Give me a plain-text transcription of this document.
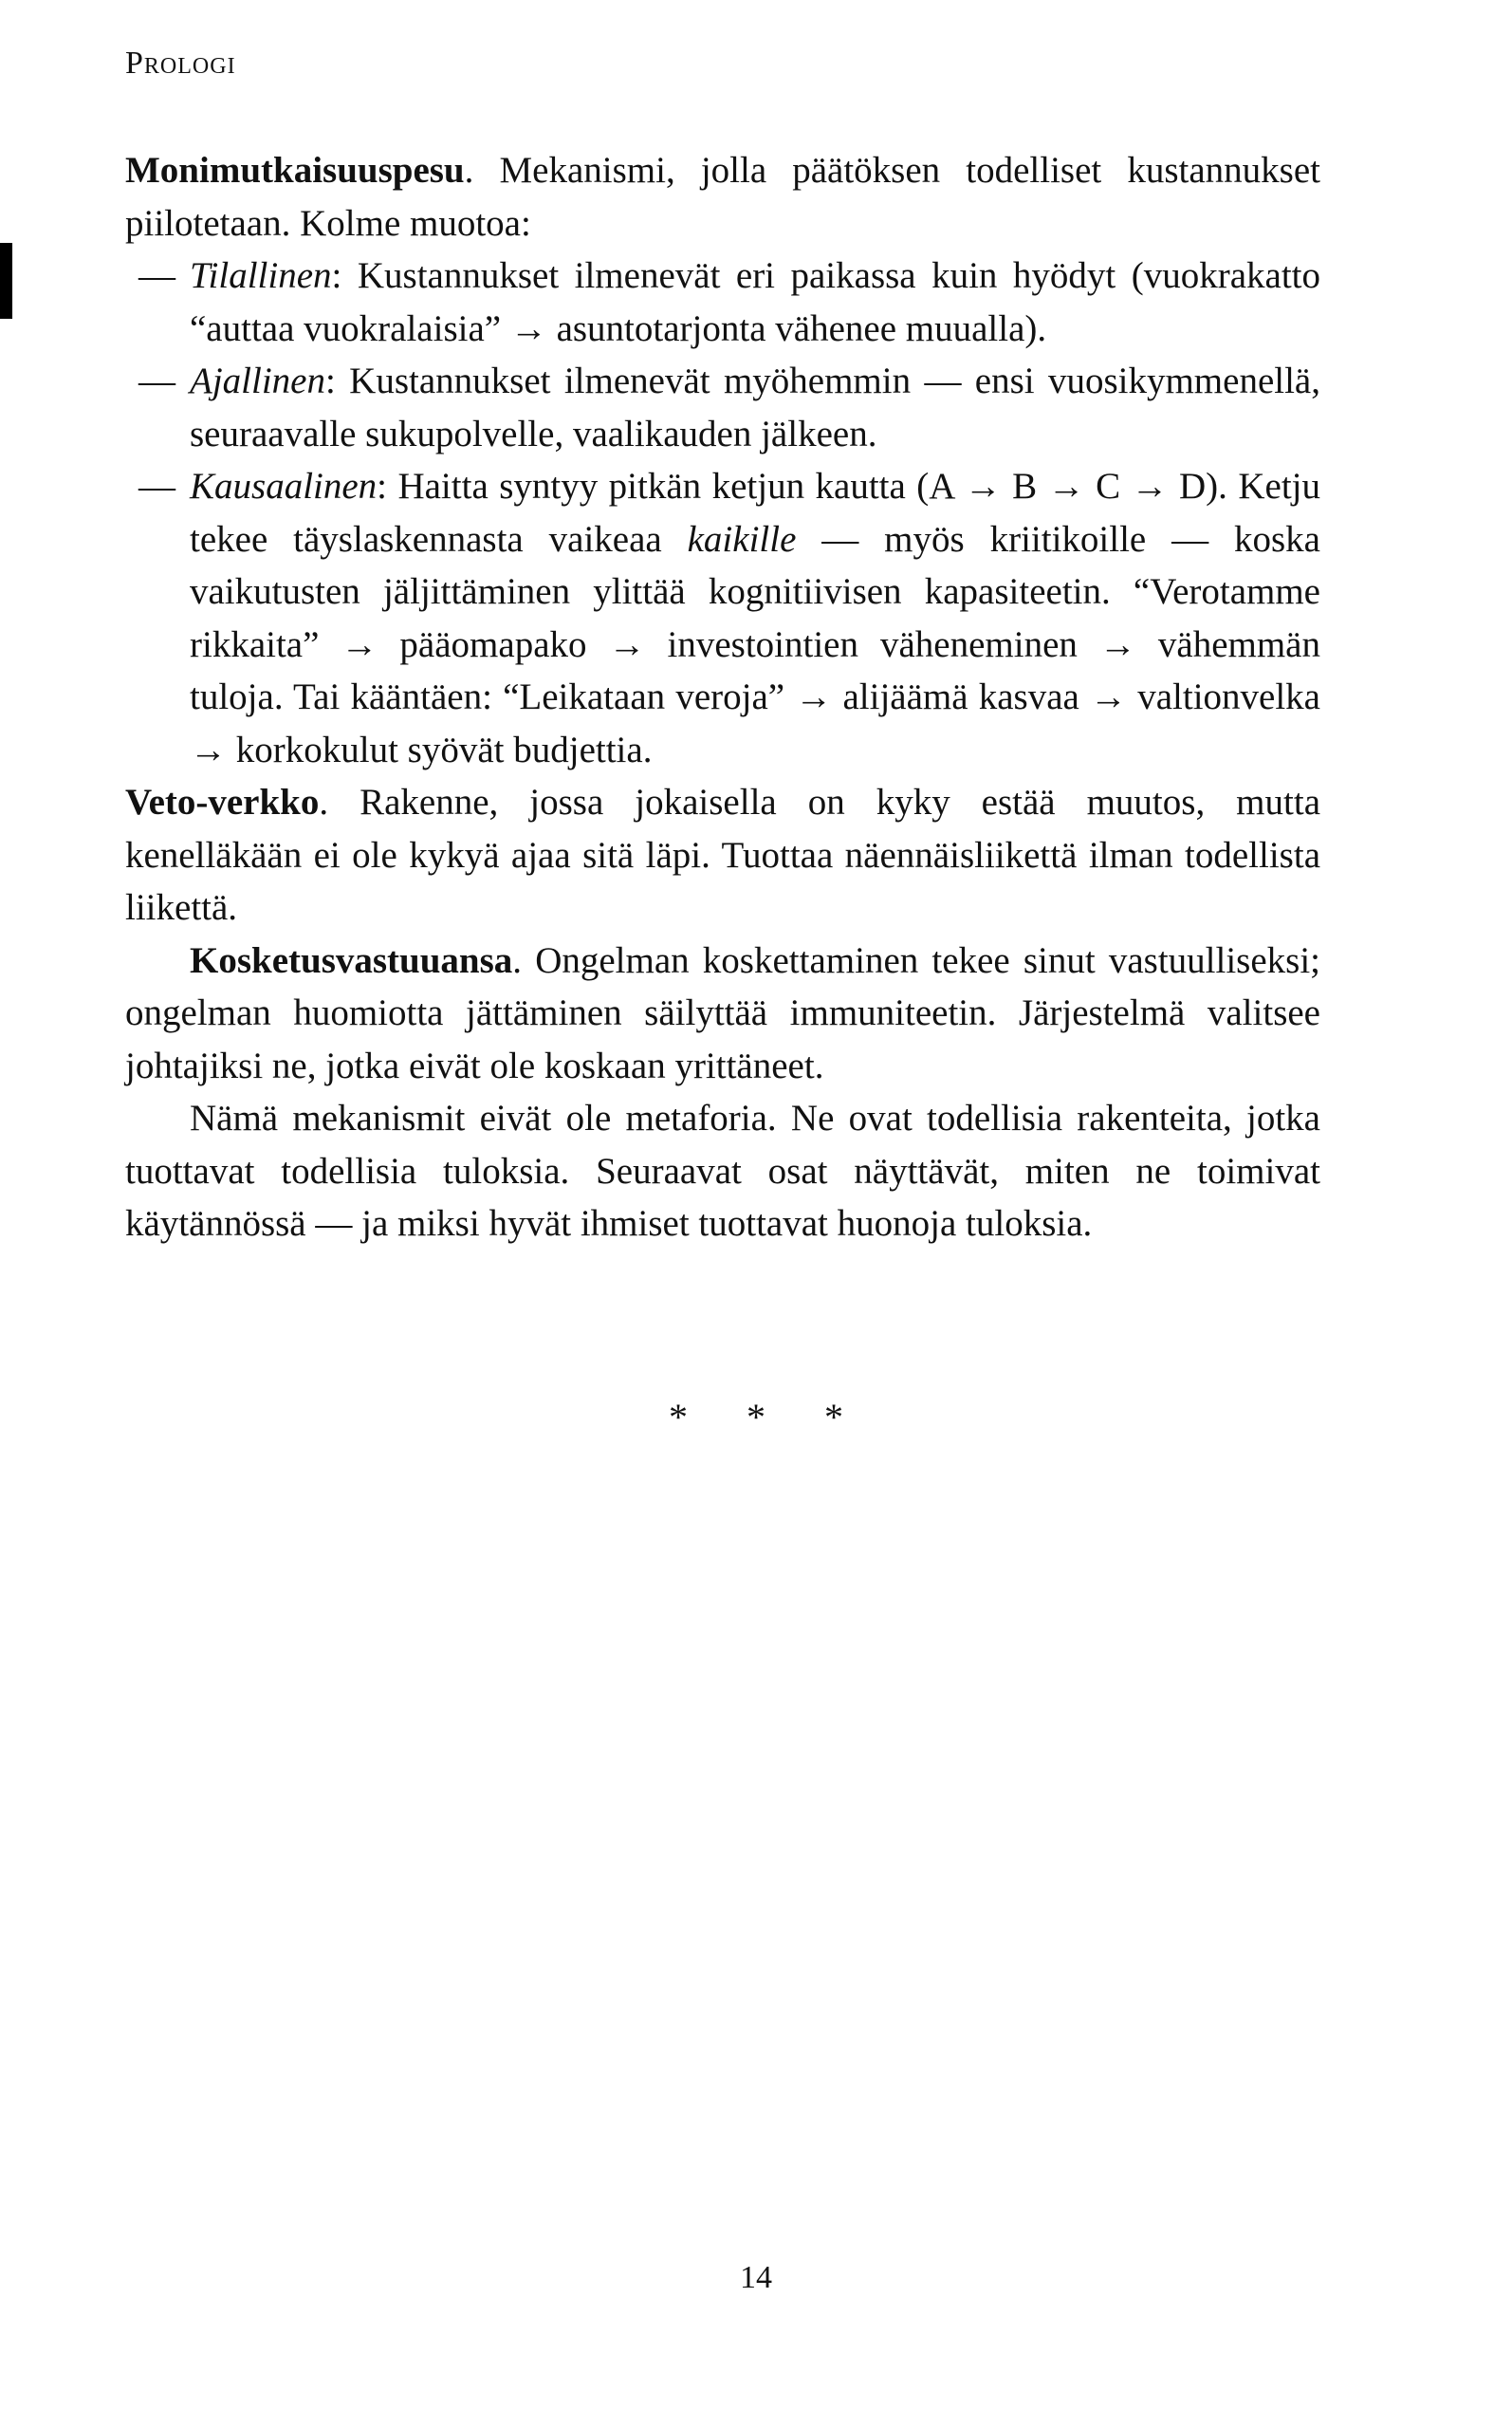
Prologi

Monimutkaisuuspesu. Mekanismi, jolla päätöksen todelliset kustannukset piilotetaan. Kolme muotoa:

— Tilallinen: Kustannukset ilmenevät eri paikassa kuin hyödyt (vuokrakatto “auttaa vuokralaisia” → asuntotarjonta vähenee muualla).
— Ajallinen: Kustannukset ilmenevät myöhemmin — ensi vuosikymmenellä, seuraavalle sukupolvelle, vaalikauden jälkeen.
— Kausaalinen: Haitta syntyy pitkän ketjun kautta (A → B → C → D). Ketju tekee täyslaskennasta vaikeaa kaikille — myös kriitikoille — koska vaikutusten jäljittäminen ylittää kognitiivisen kapasiteetin. “Verotamme rikkaita” → pääomapako → investointien väheneminen → vähemmän tuloja. Tai kääntäen: “Leikataan veroja” → alijäämä kasvaa → valtionvelka → korkokulut syövät budjettia.

Veto-verkko. Rakenne, jossa jokaisella on kyky estää muutos, mutta kenelläkään ei ole kykyä ajaa sitä läpi. Tuottaa näennäisliikettä ilman todellista liikettä.

Kosketusvastuuansa. Ongelman koskettaminen tekee sinut vastuulliseksi; ongelman huomiotta jättäminen säilyttää immuniteetin. Järjestelmä valitsee johtajiksi ne, jotka eivät ole koskaan yrittäneet.

Nämä mekanismit eivät ole metaforia. Ne ovat todellisia rakenteita, jotka tuottavat todellisia tuloksia. Seuraavat osat näyttävät, miten ne toimivat käytännössä — ja miksi hyvät ihmiset tuottavat huonoja tuloksia.

* * *
14
